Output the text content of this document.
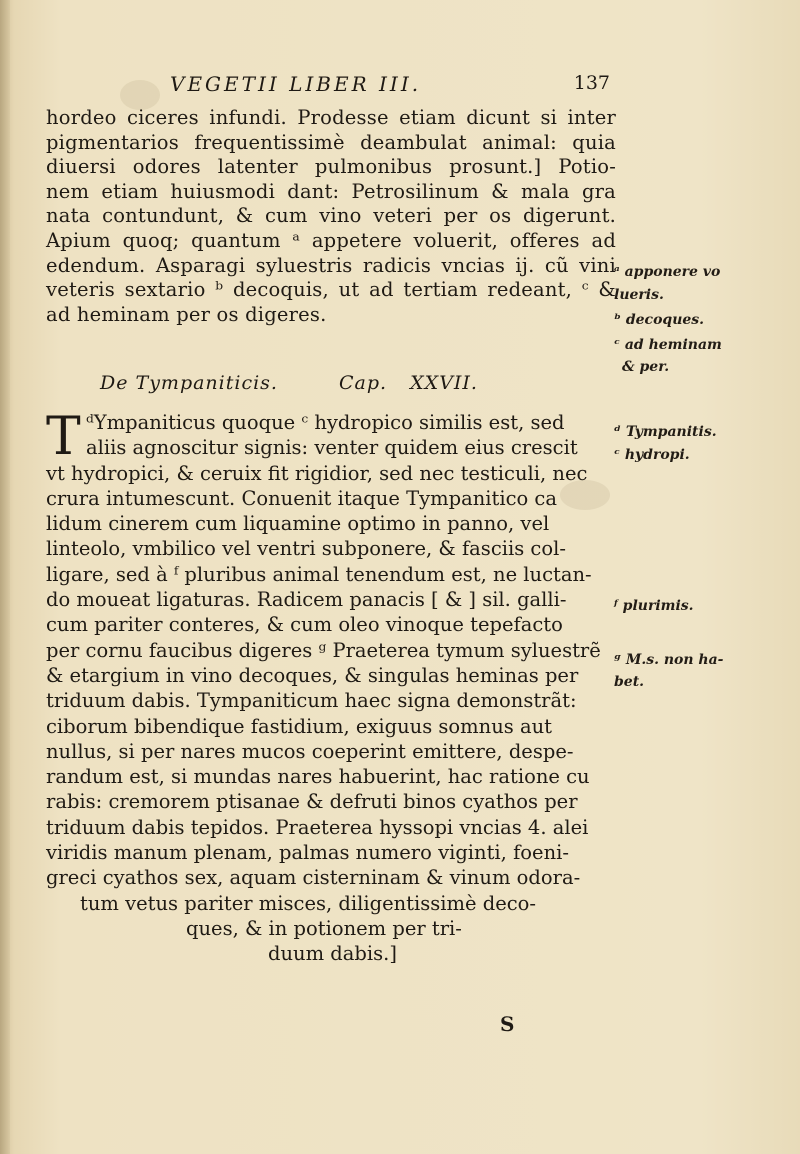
VEGETII LIBER III.	137
hordeo ciceres infundi. Prodesse etiam dicunt si inter
pigmentarios frequentissimè deambulat animal: quia
diuersi odores latenter pulmonibus prosunt.] Potio-
nem etiam huiusmodi dant: Petrosilinum & mala gra
nata contundunt, & cum vino veteri per os digerunt.
Apium quoq; quantum ᵃ appetere voluerit, offeres ad
edendum. Asparagi syluestris radicis vncias ij. cũ vini
veteris sextario ᵇ decoquis, ut ad tertiam redeant, ᶜ &
ad heminam per os digeres.
De Tympaniticis.	Cap. XXVII.
T ᵈYmpaniticus quoque ᶜ hydropico similis est, sed
aliis agnoscitur signis: venter quidem eius crescit
vt hydropici, & ceruix fit rigidior, sed nec testiculi, nec
crura intumescunt. Conuenit itaque Tympanitico ca
lidum cinerem cum liquamine optimo in panno, vel
linteolo, vmbilico vel ventri subponere, & fasciis col-
ligare, sed à ᶠ pluribus animal tenendum est, ne luctan-
do moueat ligaturas. Radicem panacis [ & ] sil. galli-
cum pariter conteres, & cum oleo vinoque tepefacto
per cornu faucibus digeres ᵍ Praeterea tymum syluestrẽ
& etargium in vino decoques, & singulas heminas per
triduum dabis. Tympaniticum haec signa demonstrãt:
ciborum bibendique fastidium, exiguus somnus aut
nullus, si per nares mucos coeperint emittere, despe-
randum est, si mundas nares habuerint, hac ratione cu
rabis: cremorem ptisanae & defruti binos cyathos per
triduum dabis tepidos. Praeterea hyssopi vncias 4. alei
viridis manum plenam, palmas numero viginti, foeni-
greci cyathos sex, aquam cisterninam & vinum odora-
tum vetus pariter misces, diligentissimè deco-
ques, & in potionem per tri-
duum dabis.]
ᵃ apponere vo
lueris.
ᵇ decoques.
ᶜ ad heminam
& per.
ᵈ Tympanitis.
ᶜ hydropi.
ᶠ plurimis.
ᵍ M.s. non ha-
bet.
S
